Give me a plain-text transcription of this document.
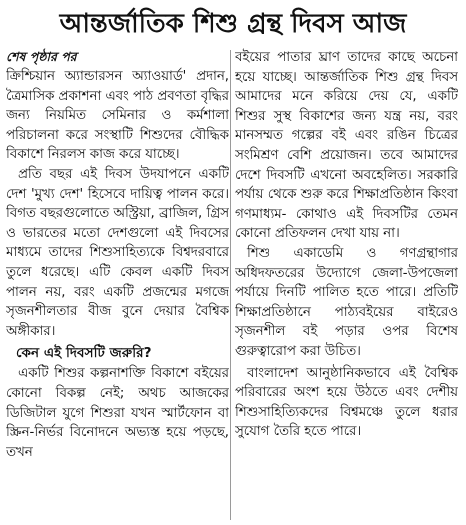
আন্তর্জাতিক শিশু গ্রন্থ দিবস আজ
শেষ পৃষ্ঠার পর

ক্রিশ্চিয়ান অ্যান্ডারসন অ্যাওয়ার্ড' প্রদান, ত্রৈমাসিক প্রকাশনা এবং পাঠ প্রবণতা বৃদ্ধির জন্য নিয়মিত সেমিনার ও কর্মশালা পরিচালনা করে সংস্থাটি শিশুদের বৌদ্ধিক বিকাশে নিরলস কাজ করে যাচ্ছে।

প্রতি বছর এই দিবস উদযাপনে একটি দেশ 'মুখ্য দেশ' হিসেবে দায়িত্ব পালন করে। বিগত বছরগুলোতে অস্ট্রিয়া, ব্রাজিল, গ্রিস ও ভারতের মতো দেশগুলো এই দিবসের মাধ্যমে তাদের শিশুসাহিত্যকে বিশ্বদরবারে তুলে ধরেছে। এটি কেবল একটি দিবস পালন নয়, বরং একটি প্রজন্মের মগজে সৃজনশীলতার বীজ বুনে দেয়ার বৈশ্বিক অঙ্গীকার।

কেন এই দিবসটি জরুরি?

একটি শিশুর কল্পনাশক্তি বিকাশে বইয়ের কোনো বিকল্প নেই; অথচ আজকের ডিজিটাল যুগে শিশুরা যখন স্মার্টফোন বা স্ক্রিন-নির্ভর বিনোদনে অভ্যস্ত হয়ে পড়ছে, তখন

বইয়ের পাতার ঘ্রাণ তাদের কাছে অচেনা হয়ে যাচ্ছে। আন্তর্জাতিক শিশু গ্রন্থ দিবস আমাদের মনে করিয়ে দেয় যে, একটি শিশুর সুস্থ বিকাশের জন্য যন্ত্র নয়, বরং মানসম্মত গল্পের বই এবং রঙিন চিত্রের সংমিশ্রণ বেশি প্রয়োজন। তবে আমাদের দেশে দিবসটি এখনো অবহেলিত। সরকারি পর্যায় থেকে শুরু করে শিক্ষাপ্রতিষ্ঠান কিংবা গণমাধ্যম- কোথাও এই দিবসটির তেমন কোনো প্রতিফলন দেখা যায় না।

শিশু একাডেমি ও গণগ্রন্থাগার অধিদফতরের উদ্যোগে জেলা-উপজেলা পর্যায়ে দিনটি পালিত হতে পারে। প্রতিটি শিক্ষাপ্রতিষ্ঠানে পাঠ্যবইয়ের বাইরেও সৃজনশীল বই পড়ার ওপর বিশেষ গুরুত্বারোপ করা উচিত।

বাংলাদেশ আনুষ্ঠানিকভাবে এই বৈশ্বিক পরিবারের অংশ হয়ে উঠতে এবং দেশীয় শিশুসাহিত্যিকদের বিশ্বমঞ্চে তুলে ধরার সুযোগ তৈরি হতে পারে।
